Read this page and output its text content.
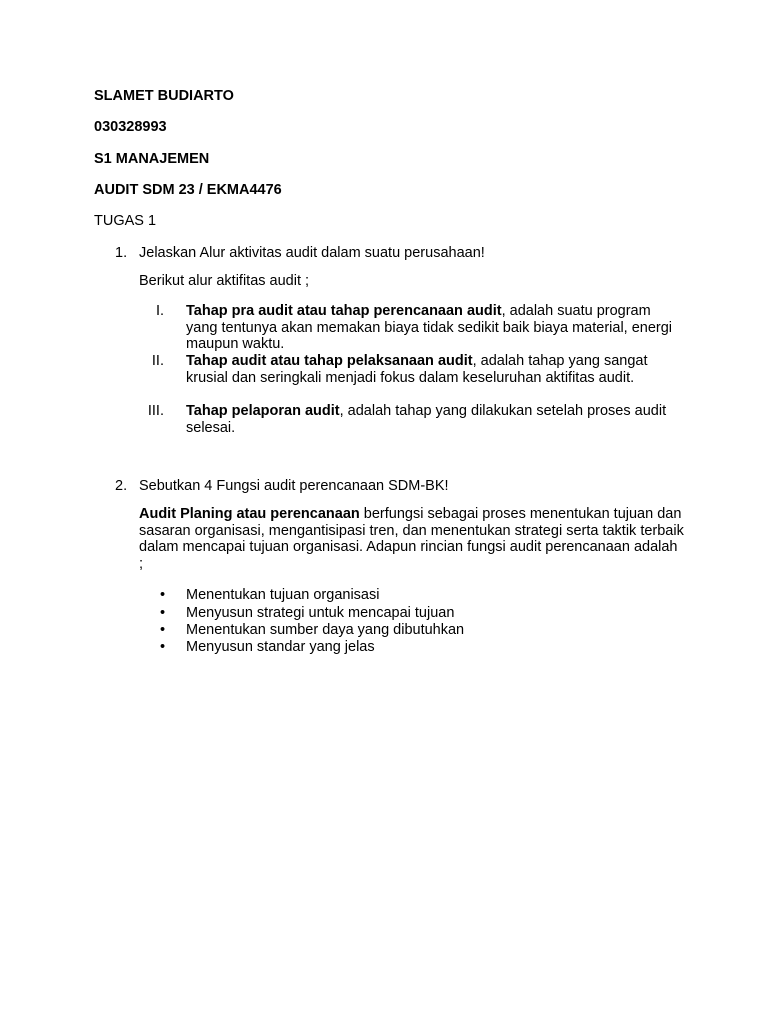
SLAMET BUDIARTO
030328993
S1 MANAJEMEN
AUDIT SDM 23 / EKMA4476
TUGAS 1
1. Jelaskan Alur aktivitas audit dalam suatu perusahaan!
Berikut alur aktifitas audit ;
I. Tahap pra audit atau tahap perencanaan audit, adalah suatu program yang tentunya akan memakan biaya tidak sedikit baik biaya material, energi maupun waktu.
II. Tahap audit atau tahap pelaksanaan audit, adalah tahap yang sangat krusial dan seringkali menjadi fokus dalam keseluruhan aktifitas audit.
III. Tahap pelaporan audit, adalah tahap yang dilakukan setelah proses audit selesai.
2. Sebutkan 4 Fungsi audit perencanaan SDM-BK!
Audit Planing atau perencanaan berfungsi sebagai proses menentukan tujuan dan sasaran organisasi, mengantisipasi tren, dan menentukan strategi serta taktik terbaik dalam mencapai tujuan organisasi. Adapun rincian fungsi audit perencanaan adalah ;
• Menentukan tujuan organisasi
• Menyusun strategi untuk mencapai tujuan
• Menentukan sumber daya yang dibutuhkan
• Menyusun standar yang jelas
